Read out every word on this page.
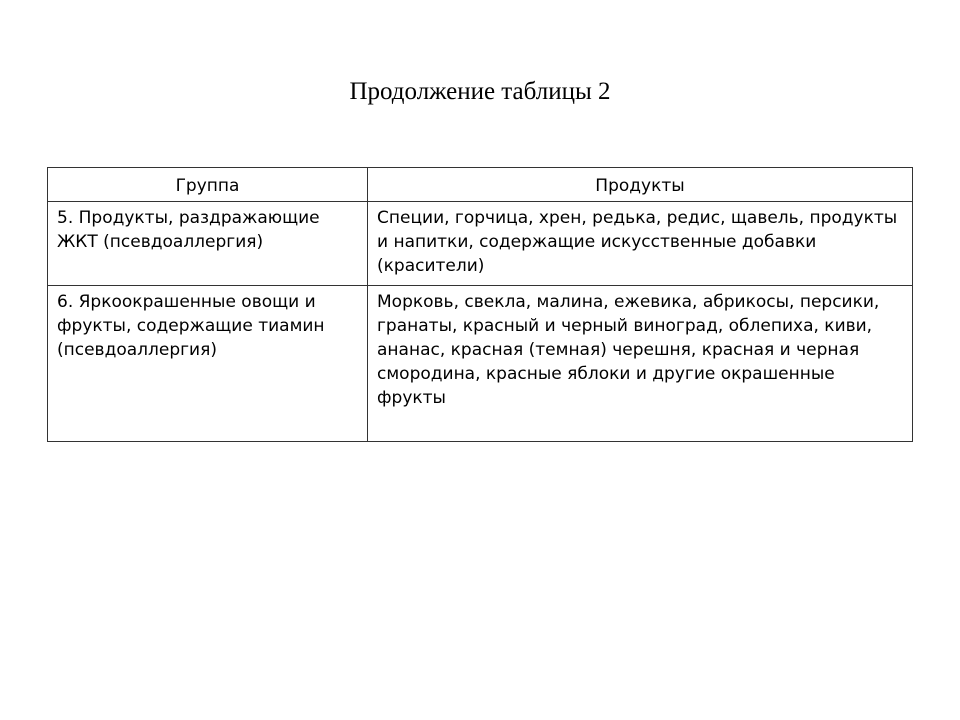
Продолжение таблицы 2
Группа	Продукты
5. Продукты, раздражающие ЖКТ (псевдоаллергия)	Специи, горчица, хрен, редька, редис, щавель, продукты и напитки, содержащие искусственные добавки (красители)
6. Яркоокрашенные овощи и фрукты, содержащие тиамин (псевдоаллергия)	Морковь, свекла, малина, ежевика, абрикосы, персики, гранаты, красный и черный виноград, облепиха, киви, ананас, красная (темная) черешня, красная и черная смородина, красные яблоки и другие окрашенные фрукты
